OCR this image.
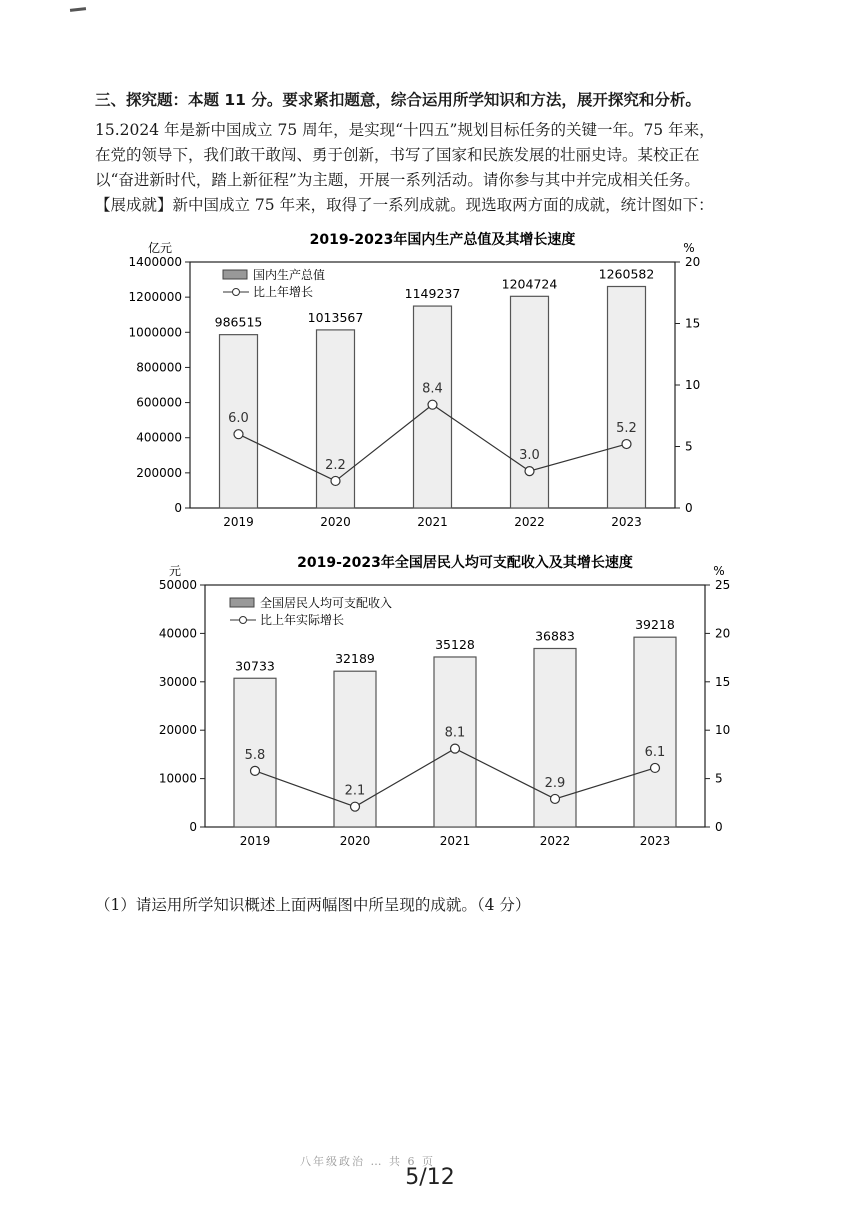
三、探究题：本题 11 分。要求紧扣题意，综合运用所学知识和方法，展开探究和分析。
15.2024 年是新中国成立 75 周年，是实现“十四五”规划目标任务的关键一年。75 年来，
在党的领导下，我们敢干敢闯、勇于创新，书写了国家和民族发展的壮丽史诗。某校正在
以“奋进新时代，踏上新征程”为主题，开展一系列活动。请你参与其中并完成相关任务。
【展成就】新中国成立 75 年来，取得了一系列成就。现选取两方面的成就，统计图如下：
2019-2023年国内生产总值及其增长速度
亿元	%
0
200000
400000
600000
800000
1000000
1200000
1400000
0
5
10
15
20
986515	1013567
1149237
1204724
1260582
2019	2020	2021	2022	2023
6.0
2.2
8.4
3.0
5.2
国内生产总值
比上年增长
2019-2023年全国居民人均可支配收入及其增长速度
元	%
0
10000
20000
30000
40000
50000
0
5
10
15
20
25
30733	32189
35128
36883
39218
2019	2020	2021	2022	2023
5.8
2.1
8.1
2.9
6.1
全国居民人均可支配收入
比上年实际增长
（1）请运用所学知识概述上面两幅图中所呈现的成就。（4 分）
八年级政治 … 共 6 页
5/12
